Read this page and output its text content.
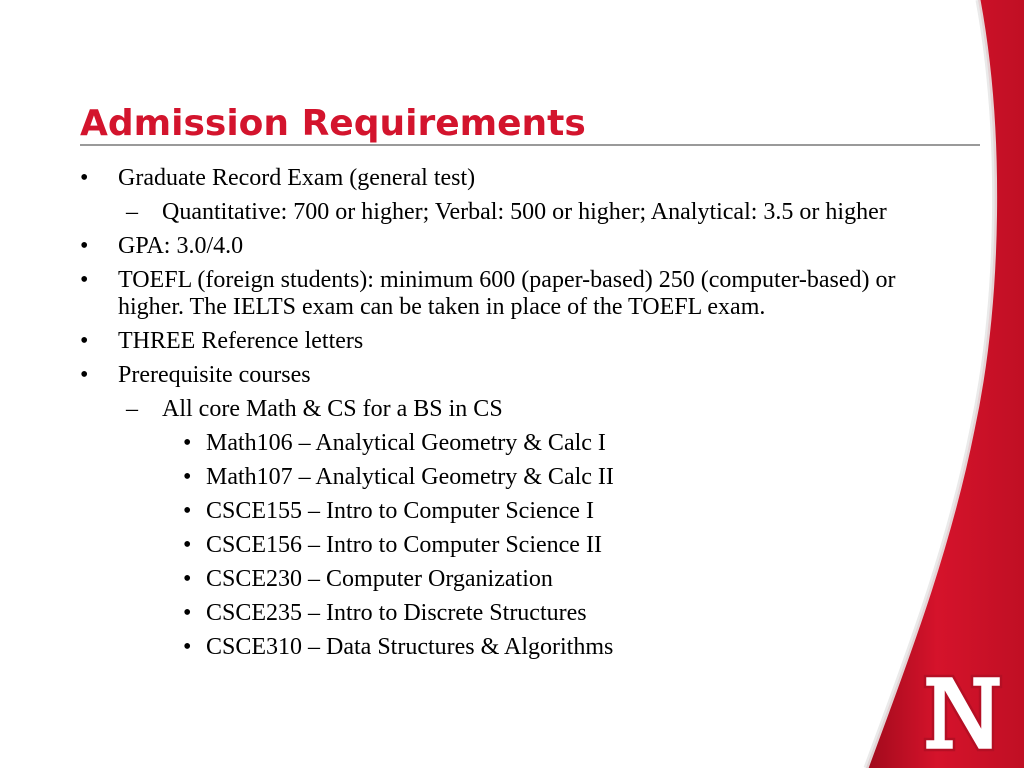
Admission Requirements
• Graduate Record Exam (general test)
– Quantitative: 700 or higher; Verbal: 500 or higher; Analytical: 3.5 or higher
• GPA: 3.0/4.0
• TOEFL (foreign students): minimum 600 (paper-based) 250 (computer-based) or higher. The IELTS exam can be taken in place of the TOEFL exam.
• THREE Reference letters
• Prerequisite courses
– All core Math & CS for a BS in CS
• Math106 – Analytical Geometry & Calc I
• Math107 – Analytical Geometry & Calc II
• CSCE155 – Intro to Computer Science I
• CSCE156 – Intro to Computer Science II
• CSCE230 – Computer Organization
• CSCE235 – Intro to Discrete Structures
• CSCE310 – Data Structures & Algorithms
